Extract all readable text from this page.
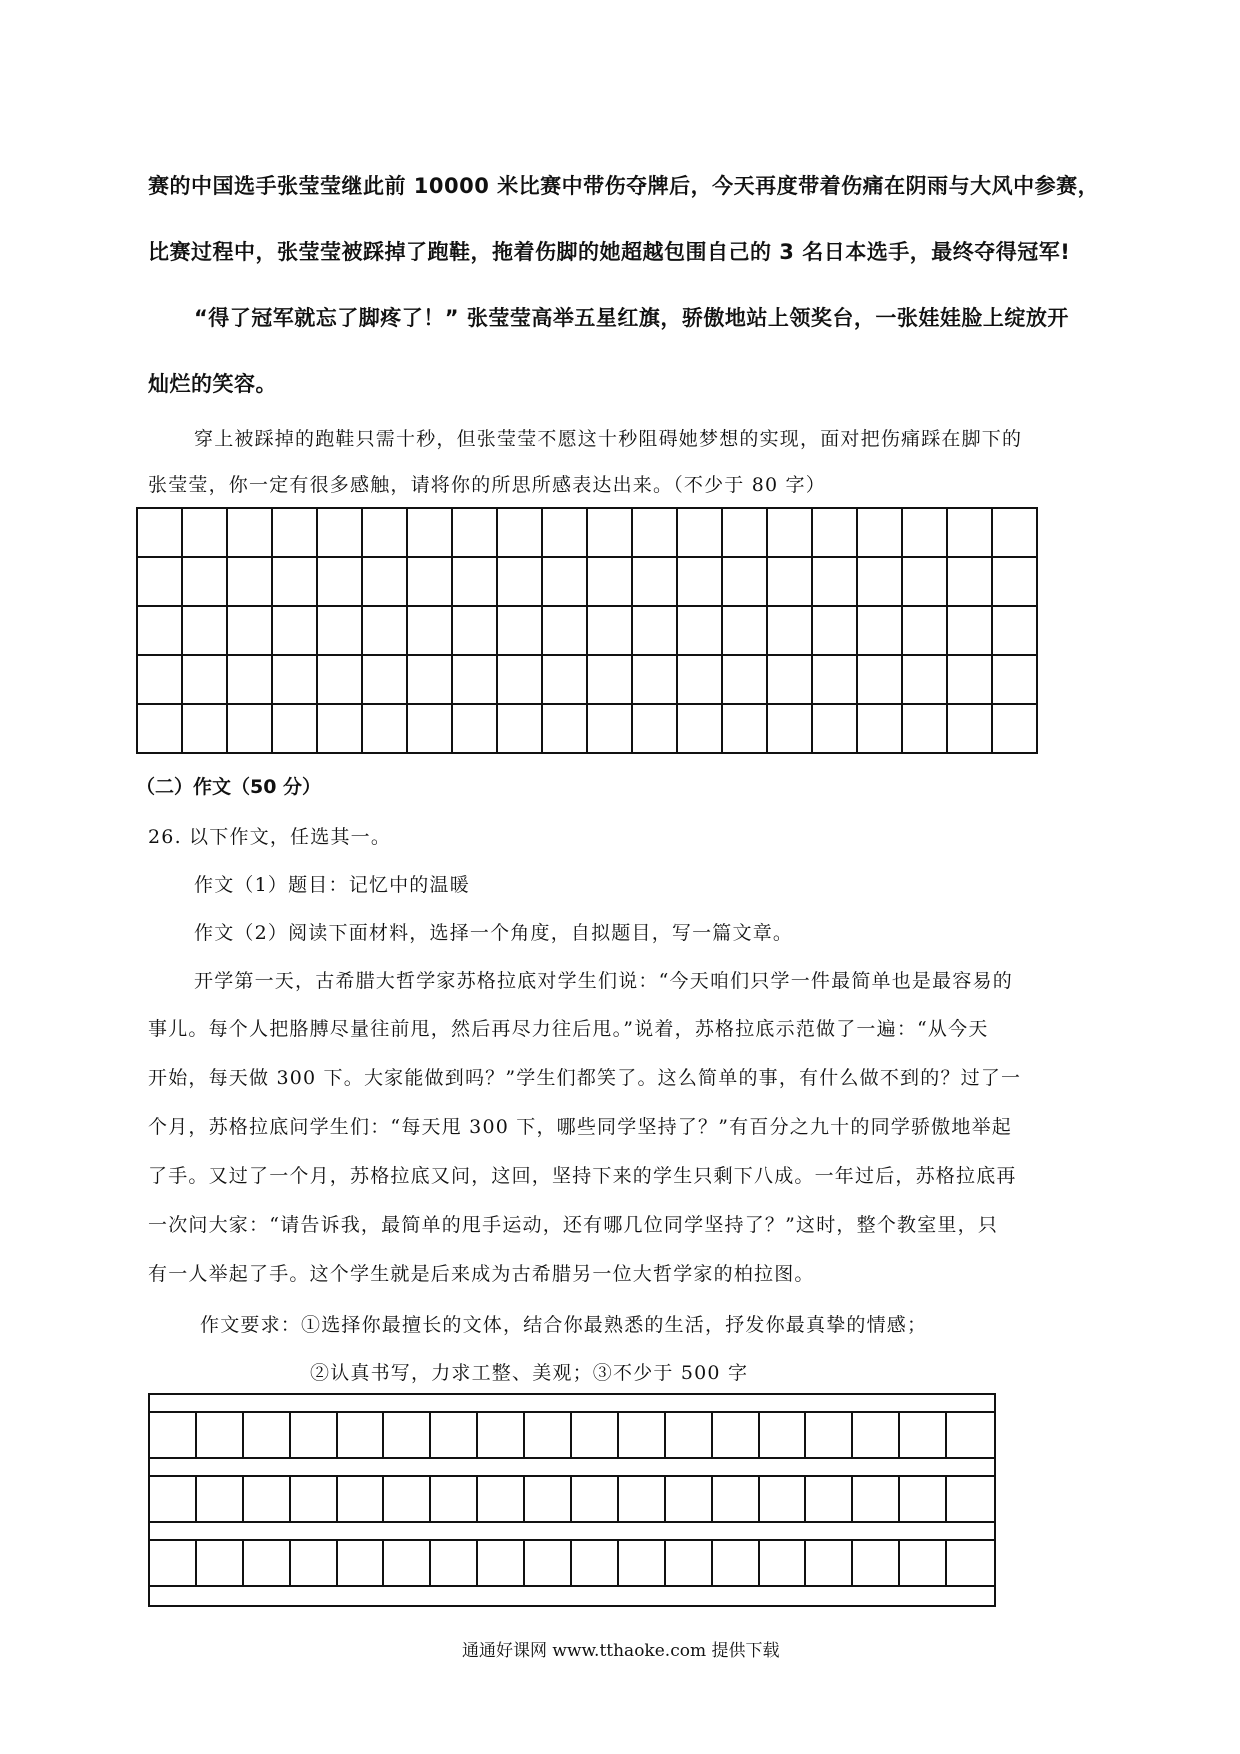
赛的中国选手张莹莹继此前 10000 米比赛中带伤夺牌后，今天再度带着伤痛在阴雨与大风中参赛，
比赛过程中，张莹莹被踩掉了跑鞋，拖着伤脚的她超越包围自己的 3 名日本选手，最终夺得冠军!
“得了冠军就忘了脚疼了！” 张莹莹高举五星红旗，骄傲地站上领奖台，一张娃娃脸上绽放开
灿烂的笑容。
穿上被踩掉的跑鞋只需十秒，但张莹莹不愿这十秒阻碍她梦想的实现，面对把伤痛踩在脚下的
张莹莹，你一定有很多感触，请将你的所思所感表达出来。（不少于 80 字）
（二）作文（50 分）
26. 以下作文，任选其一。
作文（1）题目：记忆中的温暖
作文（2）阅读下面材料，选择一个角度，自拟题目，写一篇文章。
开学第一天，古希腊大哲学家苏格拉底对学生们说：“今天咱们只学一件最简单也是最容易的
事儿。每个人把胳膊尽量往前甩，然后再尽力往后甩。”说着，苏格拉底示范做了一遍：“从今天
开始，每天做 300 下。大家能做到吗？”学生们都笑了。这么简单的事，有什么做不到的？过了一
个月，苏格拉底问学生们：“每天甩 300 下，哪些同学坚持了？”有百分之九十的同学骄傲地举起
了手。又过了一个月，苏格拉底又问，这回，坚持下来的学生只剩下八成。一年过后，苏格拉底再
一次问大家：“请告诉我，最简单的甩手运动，还有哪几位同学坚持了？”这时，整个教室里，只
有一人举起了手。这个学生就是后来成为古希腊另一位大哲学家的柏拉图。
作文要求：①选择你最擅长的文体，结合你最熟悉的生活，抒发你最真挚的情感；
②认真书写，力求工整、美观；③不少于 500 字
通通好课网 www.tthaoke.com 提供下载
